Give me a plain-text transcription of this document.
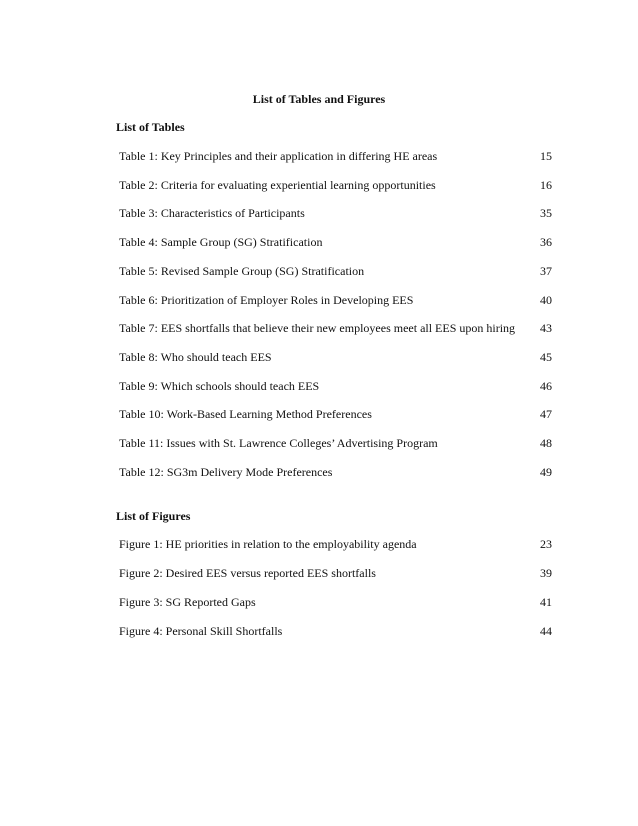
List of Tables and Figures
List of Tables
Table 1: Key Principles and their application in differing HE areas	15
Table 2: Criteria for evaluating experiential learning opportunities	16
Table 3: Characteristics of Participants	35
Table 4: Sample Group (SG) Stratification	36
Table 5: Revised Sample Group (SG) Stratification	37
Table 6: Prioritization of Employer Roles in Developing EES	40
Table 7: EES shortfalls that believe their new employees meet all EES upon hiring 43
Table 8: Who should teach EES	45
Table 9: Which schools should teach EES	46
Table 10: Work-Based Learning Method Preferences	47
Table 11: Issues with St. Lawrence Colleges’ Advertising Program	48
Table 12: SG3m Delivery Mode Preferences	49
List of Figures
Figure 1: HE priorities in relation to the employability agenda	23
Figure 2: Desired EES versus reported EES shortfalls	39
Figure 3: SG Reported Gaps	41
Figure 4: Personal Skill Shortfalls	44
